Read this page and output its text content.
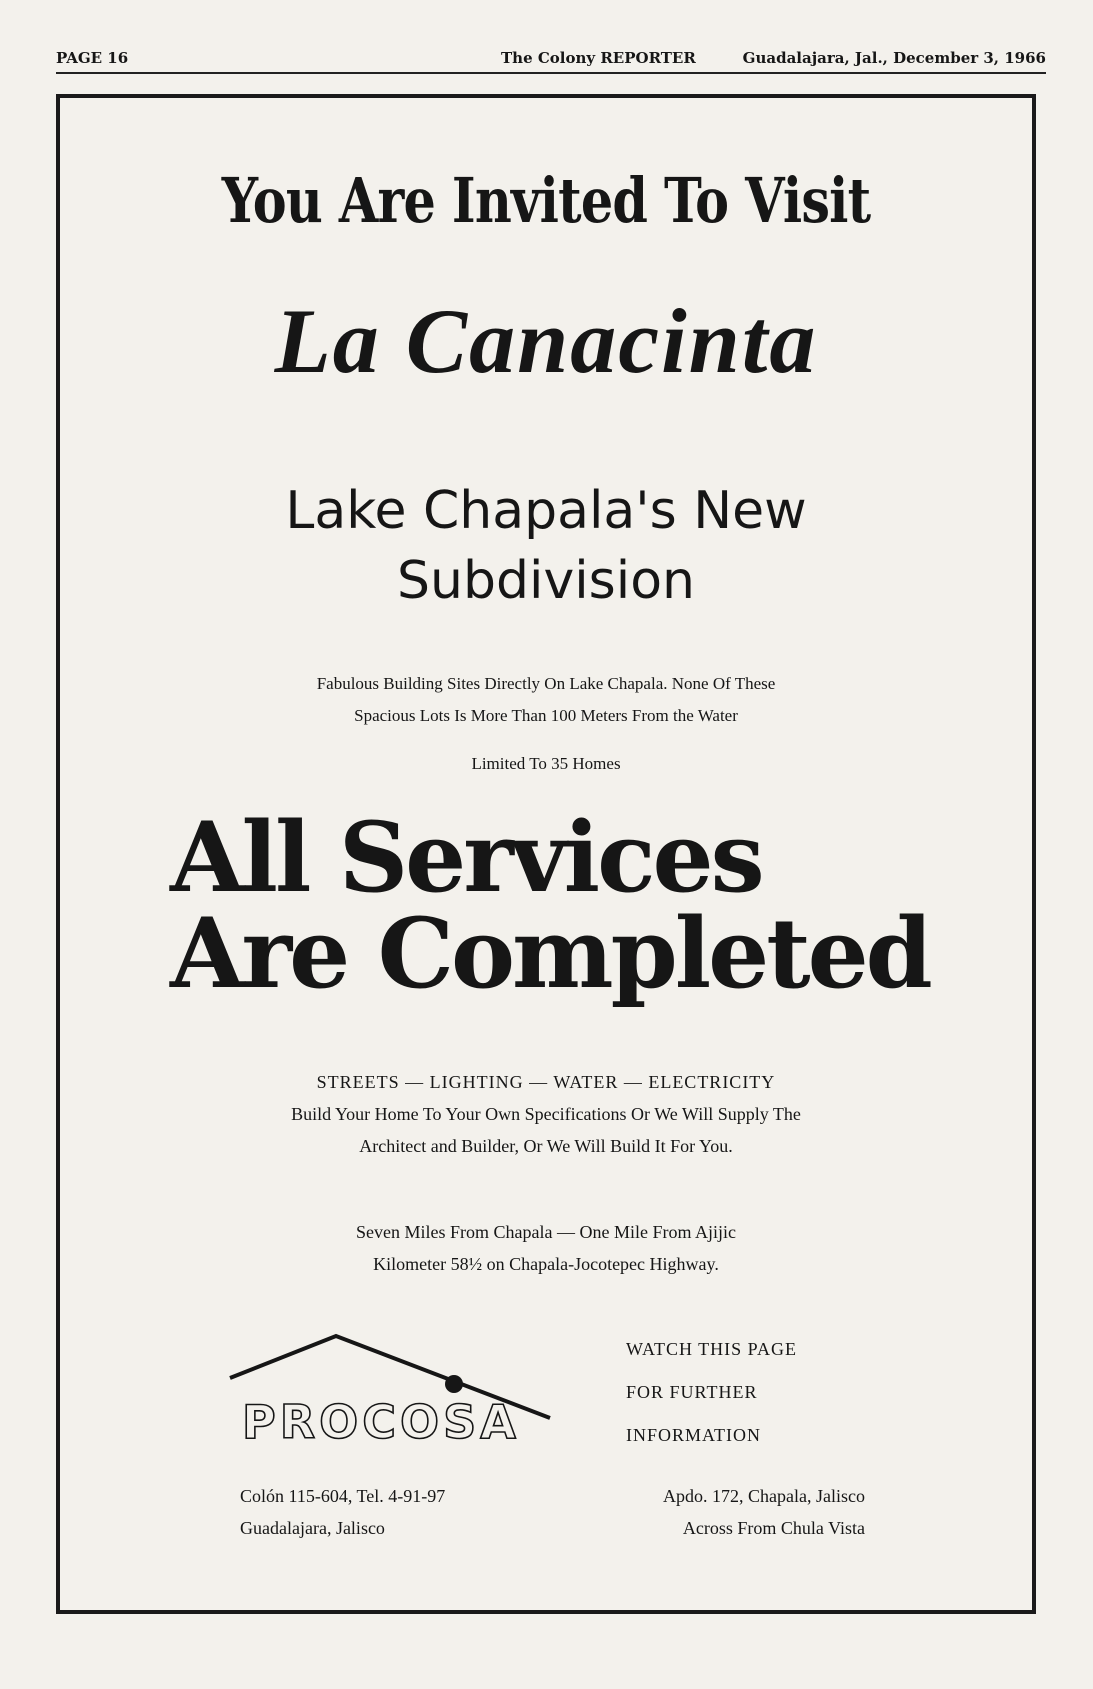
PAGE 16	The Colony REPORTER	Guadalajara, Jal., December 3, 1966
You Are Invited To Visit
La Canacinta
Lake Chapala's New
Subdivision
Fabulous Building Sites Directly On Lake Chapala. None Of These
Spacious Lots Is More Than 100 Meters From the Water
Limited To 35 Homes
All Services
Are Completed
STREETS — LIGHTING — WATER — ELECTRICITY
Build Your Home To Your Own Specifications Or We Will Supply The
Architect and Builder, Or We Will Build It For You.
Seven Miles From Chapala — One Mile From Ajijic
Kilometer 58½ on Chapala-Jocotepec Highway.
PROCOSA
WATCH THIS PAGE
FOR FURTHER
INFORMATION
Colón 115-604, Tel. 4-91-97
Guadalajara, Jalisco
Apdo. 172, Chapala, Jalisco
Across From Chula Vista
